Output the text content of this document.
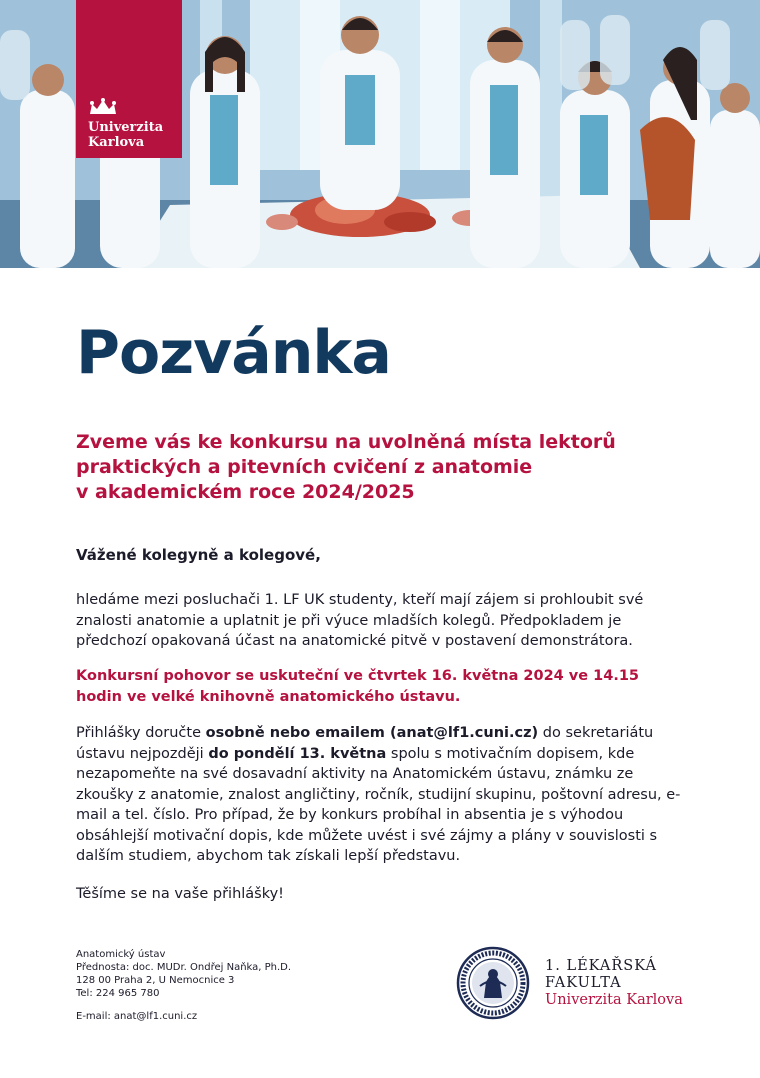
Univerzita
Karlova
Pozvánka
Zveme vás ke konkursu na uvolněná místa lektorů
praktických a pitevních cvičení z anatomie
v akademickém roce 2024/2025

Vážené kolegyně a kolegové,

hledáme mezi posluchači 1. LF UK studenty, kteří mají zájem si prohloubit své znalosti anatomie a uplatnit je při výuce mladších kolegů. Předpokladem je předchozí opakovaná účast na anatomické pitvě v postavení demonstrátora.

Konkursní pohovor se uskuteční ve čtvrtek 16. května 2024 ve 14.15 hodin ve velké knihovně anatomického ústavu.

Přihlášky doručte osobně nebo emailem (anat@lf1.cuni.cz) do sekretariátu ústavu nejpozději do pondělí 13. května spolu s motivačním dopisem, kde nezapomeňte na své dosavadní aktivity na Anatomickém ústavu, známku ze zkoušky z anatomie, znalost angličtiny, ročník, studijní skupinu, poštovní adresu, e-mail a tel. číslo. Pro případ, že by konkurs probíhal in absentia je s výhodou obsáhlejší motivační dopis, kde můžete uvést i své zájmy a plány v souvislosti s dalším studiem, abychom tak získali lepší představu.

Těšíme se na vaše přihlášky!

Anatomický ústav
Přednosta: doc. MUDr. Ondřej Naňka, Ph.D.
128 00 Praha 2, U Nemocnice 3
Tel: 224 965 780
E-mail: anat@lf1.cuni.cz
1. LÉKAŘSKÁ
FAKULTA
Univerzita Karlova
